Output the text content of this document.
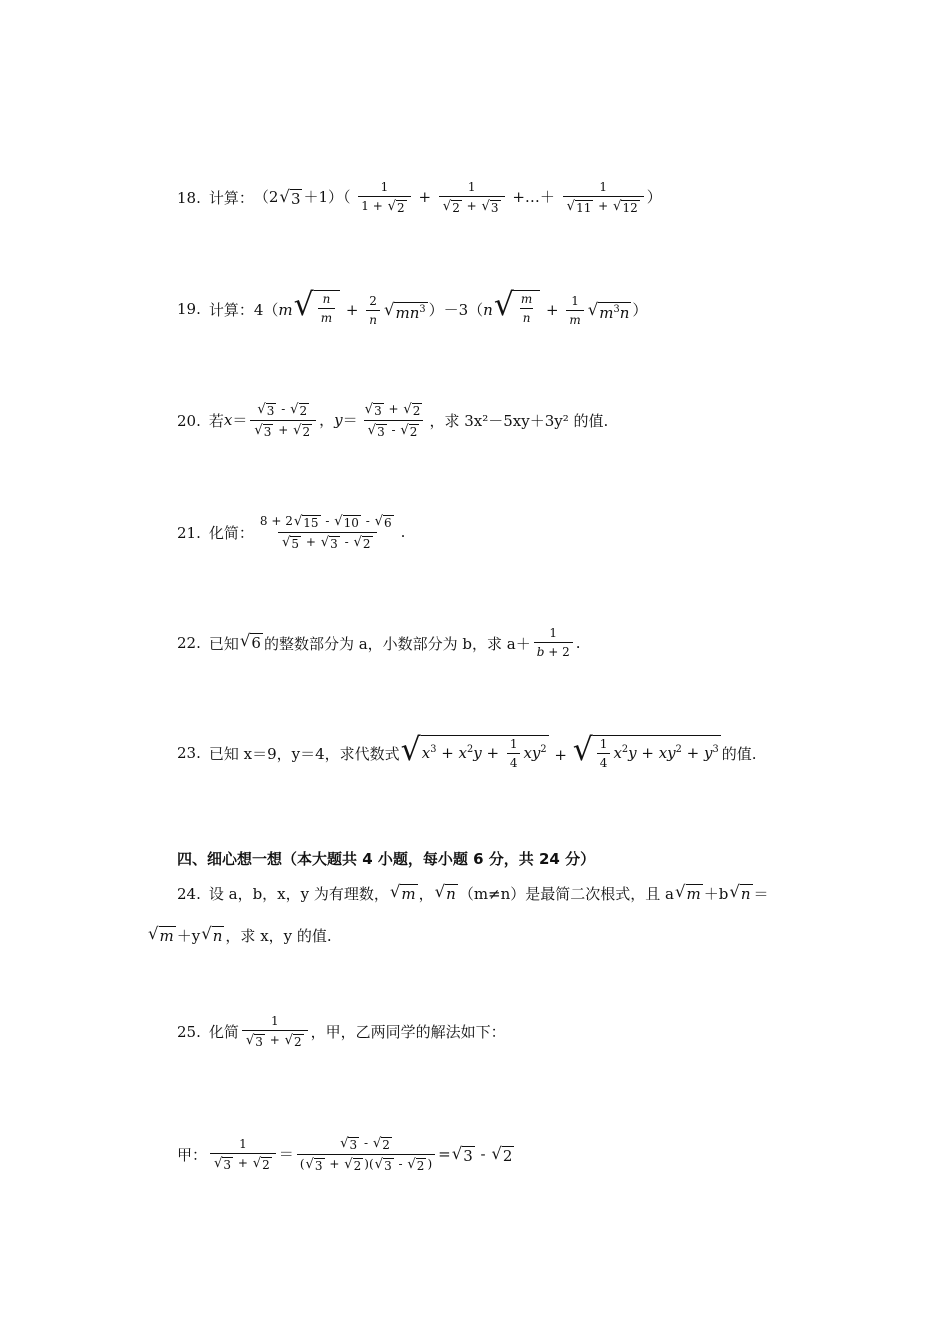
18. 计算： （2 √ $3 +1)( \frac{1}{1 + √ 2} + \frac{1}{√ 2 + √ 3}$ +…＋ $\frac{1}{√ 11 + √ 12}$ ）
19. 计算： 4（m √ $\frac{n}{m} + \frac{2}{n}$ √ $mn^3$ ）－3（n √ $\frac{m}{n} + \frac{1}{m}$ √ $m^3n$ ）
20. 若 $x= \frac{√ 3 - √ 2}{√ 3 + √ 2}$ ，$y= \frac{√ 3 + √ 2}{√ 3 - √ 2}$ ，求 3x²－5xy＋3y² 的值.
21. 化简： $\frac{8 + 2 √ 15 - √ 10 - √ 6}{√ 5 + √ 3 - √ 2}$ .
22. 已知 √ 6 的整数部分为 a，小数部分为 b，求 $a+ \frac{1}{b + 2}$ .
23. 已知 x＝9，y＝4，求代数式 √ $x^3 + x^2y + \frac{1}{4} xy^2$ + √ $\frac{1}{4} x^2y + xy^2 + y^3$ 的值.
四、细心想一想（本大题共 4 小题，每小题 6 分，共 24 分）
24. 设 a，b，x，y 为有理数， √ m ， √ n （m≠n）是最简二次根式，且 a √ m ＋b √ n ＝
√ m ＋y √ n ，求 x，y 的值.
25. 化简 $\frac{1}{√ 3 + √ 2}$ ，甲，乙两同学的解法如下：
甲： $\frac{1}{√ 3 + √ 2} = \frac{√ 3 - √ 2}{( √ 3 + √ 2 )( √ 3 - √ 2 )}$ = √ 3 - √ 2
